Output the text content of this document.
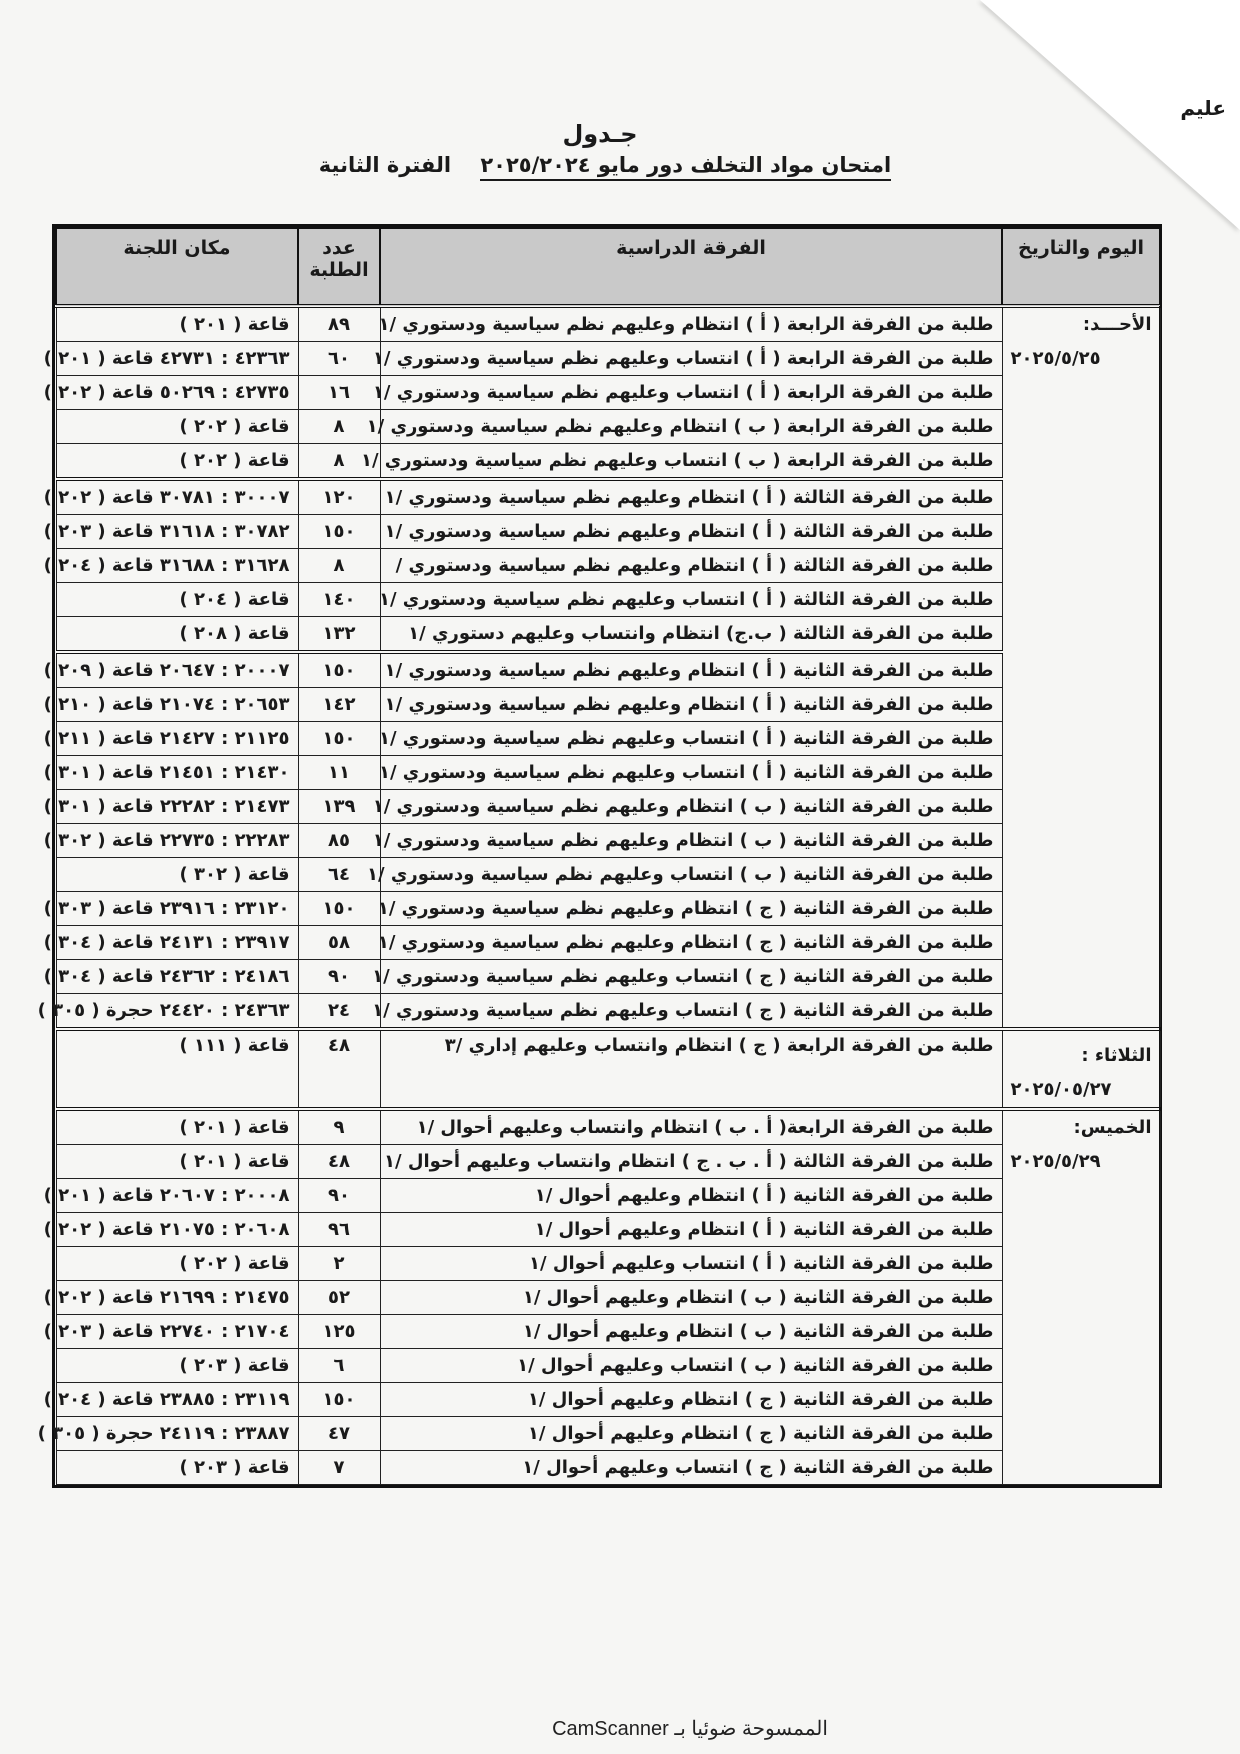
عليم
جـدول
امتحان مواد التخلف دور مايو ٢٠٢٥/٢٠٢٤    الفترة الثانية
اليوم والتاريخ	الفرقة الدراسية	عدد الطلبة	مكان اللجنة

الأحـــد:
٢٠٢٥/٥/٢٥	طلبة من الفرقة الرابعة ( أ ) انتظام وعليهم نظم سياسية ودستوري /١	٨٩	قاعة ( ٢٠١ )
	طلبة من الفرقة الرابعة ( أ ) انتساب وعليهم نظم سياسية ودستوري /١	٦٠	٤٢٣٦٣ : ٤٢٧٣١ قاعة ( ٢٠١ )
	طلبة من الفرقة الرابعة ( أ ) انتساب وعليهم نظم سياسية ودستوري /١	١٦	٤٢٧٣٥ : ٥٠٢٦٩ قاعة ( ٢٠٢ )
	طلبة من الفرقة الرابعة ( ب ) انتظام وعليهم نظم سياسية ودستوري /١	٨	قاعة ( ٢٠٢ )
	طلبة من الفرقة الرابعة ( ب ) انتساب وعليهم نظم سياسية ودستوري /١	٨	قاعة ( ٢٠٢ )
	طلبة من الفرقة الثالثة ( أ ) انتظام وعليهم نظم سياسية ودستوري /١	١٢٠	٣٠٠٠٧ : ٣٠٧٨١ قاعة ( ٢٠٢ )
	طلبة من الفرقة الثالثة ( أ ) انتظام وعليهم نظم سياسية ودستوري /١	١٥٠	٣٠٧٨٢ : ٣١٦١٨ قاعة ( ٢٠٣ )
	طلبة من الفرقة الثالثة ( أ ) انتظام وعليهم نظم سياسية ودستوري /	٨	٣١٦٢٨ : ٣١٦٨٨ قاعة ( ٢٠٤ )
	طلبة من الفرقة الثالثة ( أ ) انتساب وعليهم نظم سياسية ودستوري /١	١٤٠	قاعة ( ٢٠٤ )
	طلبة من الفرقة الثالثة ( ب.ج) انتظام وانتساب وعليهم دستوري /١	١٣٢	قاعة ( ٢٠٨ )
	طلبة من الفرقة الثانية ( أ ) انتظام وعليهم نظم سياسية ودستوري /١	١٥٠	٢٠٠٠٧ : ٢٠٦٤٧ قاعة ( ٢٠٩ )
	طلبة من الفرقة الثانية ( أ ) انتظام وعليهم نظم سياسية ودستوري /١	١٤٢	٢٠٦٥٣ : ٢١٠٧٤ قاعة ( ٢١٠ )
	طلبة من الفرقة الثانية ( أ ) انتساب وعليهم نظم سياسية ودستوري /١	١٥٠	٢١١٢٥ : ٢١٤٢٧ قاعة ( ٢١١ )
	طلبة من الفرقة الثانية ( أ ) انتساب وعليهم نظم سياسية ودستوري /١	١١	٢١٤٣٠ : ٢١٤٥١ قاعة ( ٣٠١ )
	طلبة من الفرقة الثانية ( ب ) انتظام وعليهم نظم سياسية ودستوري /١	١٣٩	٢١٤٧٣ : ٢٢٢٨٢ قاعة ( ٣٠١ )
	طلبة من الفرقة الثانية ( ب ) انتظام وعليهم نظم سياسية ودستوري /١	٨٥	٢٢٢٨٣ : ٢٢٧٣٥ قاعة ( ٣٠٢ )
	طلبة من الفرقة الثانية ( ب ) انتساب وعليهم نظم سياسية ودستوري /١	٦٤	قاعة ( ٣٠٢ )
	طلبة من الفرقة الثانية ( ج ) انتظام وعليهم نظم سياسية ودستوري /١	١٥٠	٢٣١٢٠ : ٢٣٩١٦ قاعة ( ٣٠٣ )
	طلبة من الفرقة الثانية ( ج ) انتظام وعليهم نظم سياسية ودستوري /١	٥٨	٢٣٩١٧ : ٢٤١٣١ قاعة ( ٣٠٤ )
	طلبة من الفرقة الثانية ( ج ) انتساب وعليهم نظم سياسية ودستوري /١	٩٠	٢٤١٨٦ : ٢٤٣٦٢ قاعة ( ٣٠٤ )
	طلبة من الفرقة الثانية ( ج ) انتساب وعليهم نظم سياسية ودستوري /١	٢٤	٢٤٣٦٣ : ٢٤٤٢٠ حجرة ( ٣٠٥ )

الثلاثاء :
٢٠٢٥/٠٥/٢٧	طلبة من الفرقة الرابعة ( ج ) انتظام وانتساب وعليهم إداري /٣	٤٨	قاعة ( ١١١ )

الخميس:
٢٠٢٥/٥/٢٩	طلبة من الفرقة الرابعة( أ . ب ) انتظام وانتساب وعليهم أحوال /١	٩	قاعة ( ٢٠١ )
	طلبة من الفرقة الثالثة ( أ . ب . ج ) انتظام وانتساب وعليهم أحوال /١	٤٨	قاعة ( ٢٠١ )
	طلبة من الفرقة الثانية ( أ ) انتظام وعليهم أحوال /١	٩٠	٢٠٠٠٨ : ٢٠٦٠٧ قاعة ( ٢٠١ )
	طلبة من الفرقة الثانية ( أ ) انتظام وعليهم أحوال /١	٩٦	٢٠٦٠٨ : ٢١٠٧٥ قاعة ( ٢٠٢ )
	طلبة من الفرقة الثانية ( أ ) انتساب وعليهم أحوال /١	٢	قاعة ( ٢٠٢ )
	طلبة من الفرقة الثانية ( ب ) انتظام وعليهم أحوال /١	٥٢	٢١٤٧٥ : ٢١٦٩٩ قاعة ( ٢٠٢ )
	طلبة من الفرقة الثانية ( ب ) انتظام وعليهم أحوال /١	١٢٥	٢١٧٠٤ : ٢٢٧٤٠ قاعة ( ٢٠٣ )
	طلبة من الفرقة الثانية ( ب ) انتساب وعليهم أحوال /١	٦	قاعة ( ٢٠٣ )
	طلبة من الفرقة الثانية ( ج ) انتظام وعليهم أحوال /١	١٥٠	٢٣١١٩ : ٢٣٨٨٥ قاعة ( ٢٠٤ )
	طلبة من الفرقة الثانية ( ج ) انتظام وعليهم أحوال /١	٤٧	٢٣٨٨٧ : ٢٤١١٩ حجرة ( ٣٠٥ )
	طلبة من الفرقة الثانية ( ج ) انتساب وعليهم أحوال /١	٧	قاعة ( ٢٠٣ )
الممسوحة ضوئيا بـ CamScanner
